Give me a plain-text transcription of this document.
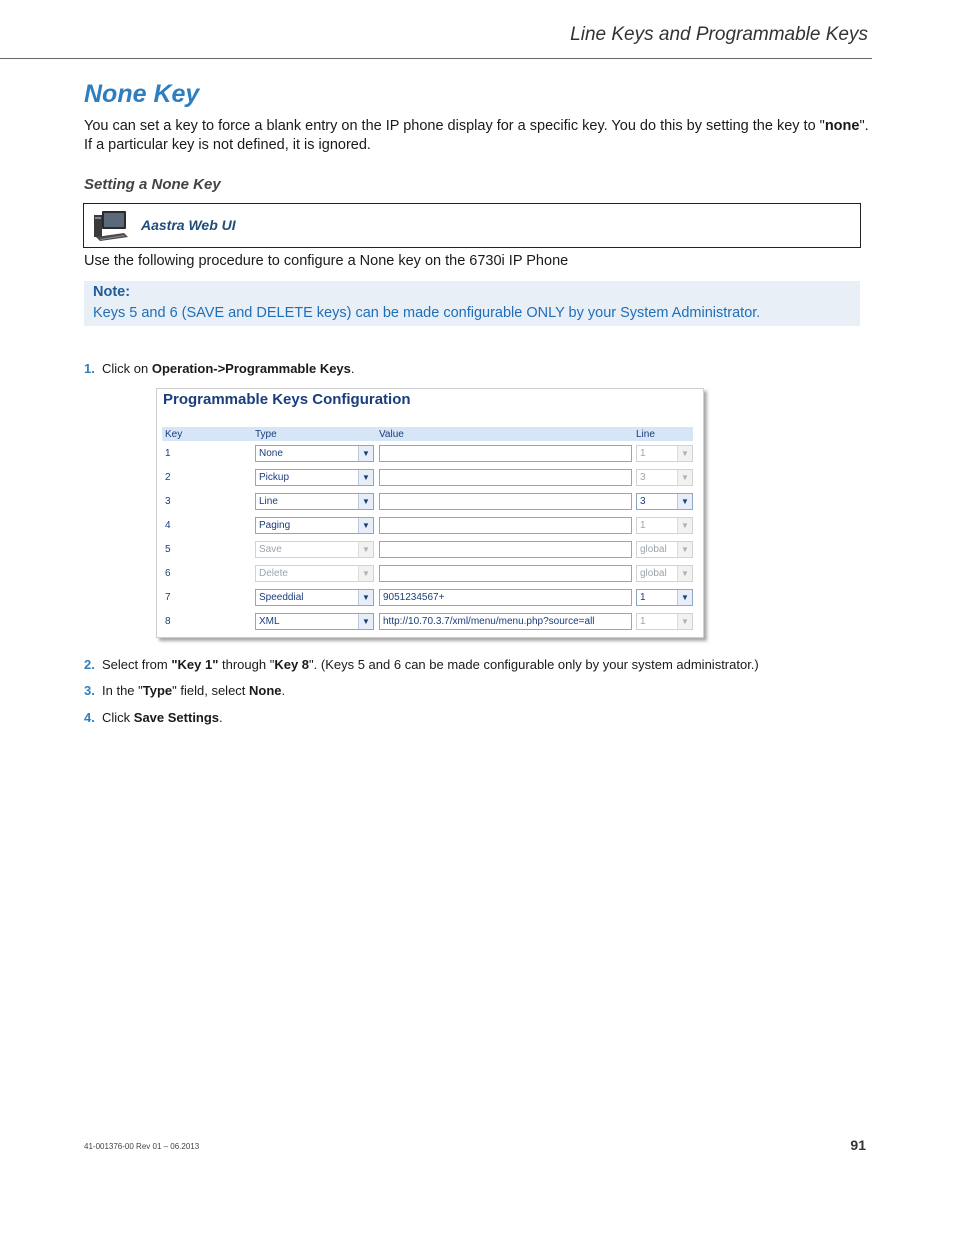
Line Keys and Programmable Keys
None Key
You can set a key to force a blank entry on the IP phone display for a specific key. You do this by setting the key to "none". If a particular key is not defined, it is ignored.
Setting a None Key
Aastra Web UI
Use the following procedure to configure a None key on the 6730i IP Phone
Note:
Keys 5 and 6 (SAVE and DELETE keys) can be made configurable ONLY by your System Administrator.
1. Click on Operation->Programmable Keys.
Programmable Keys Configuration
Key	Type	Value	Line
1	None ▼		1 ▼

2	Pickup ▼		3 ▼

3	Line ▼		3 ▼

4	Paging ▼		1 ▼

5	Save ▼		global ▼

6	Delete ▼		global ▼

7	Speeddial ▼	9051234567+	1 ▼

8	XML ▼	http://10.70.3.7/xml/menu/menu.php?source=all	1 ▼
2. Select from "Key 1" through "Key 8". (Keys 5 and 6 can be made configurable only by your system administrator.)
3. In the "Type" field, select None.
4. Click Save Settings.
41-001376-00 Rev 01 – 06.2013	91
